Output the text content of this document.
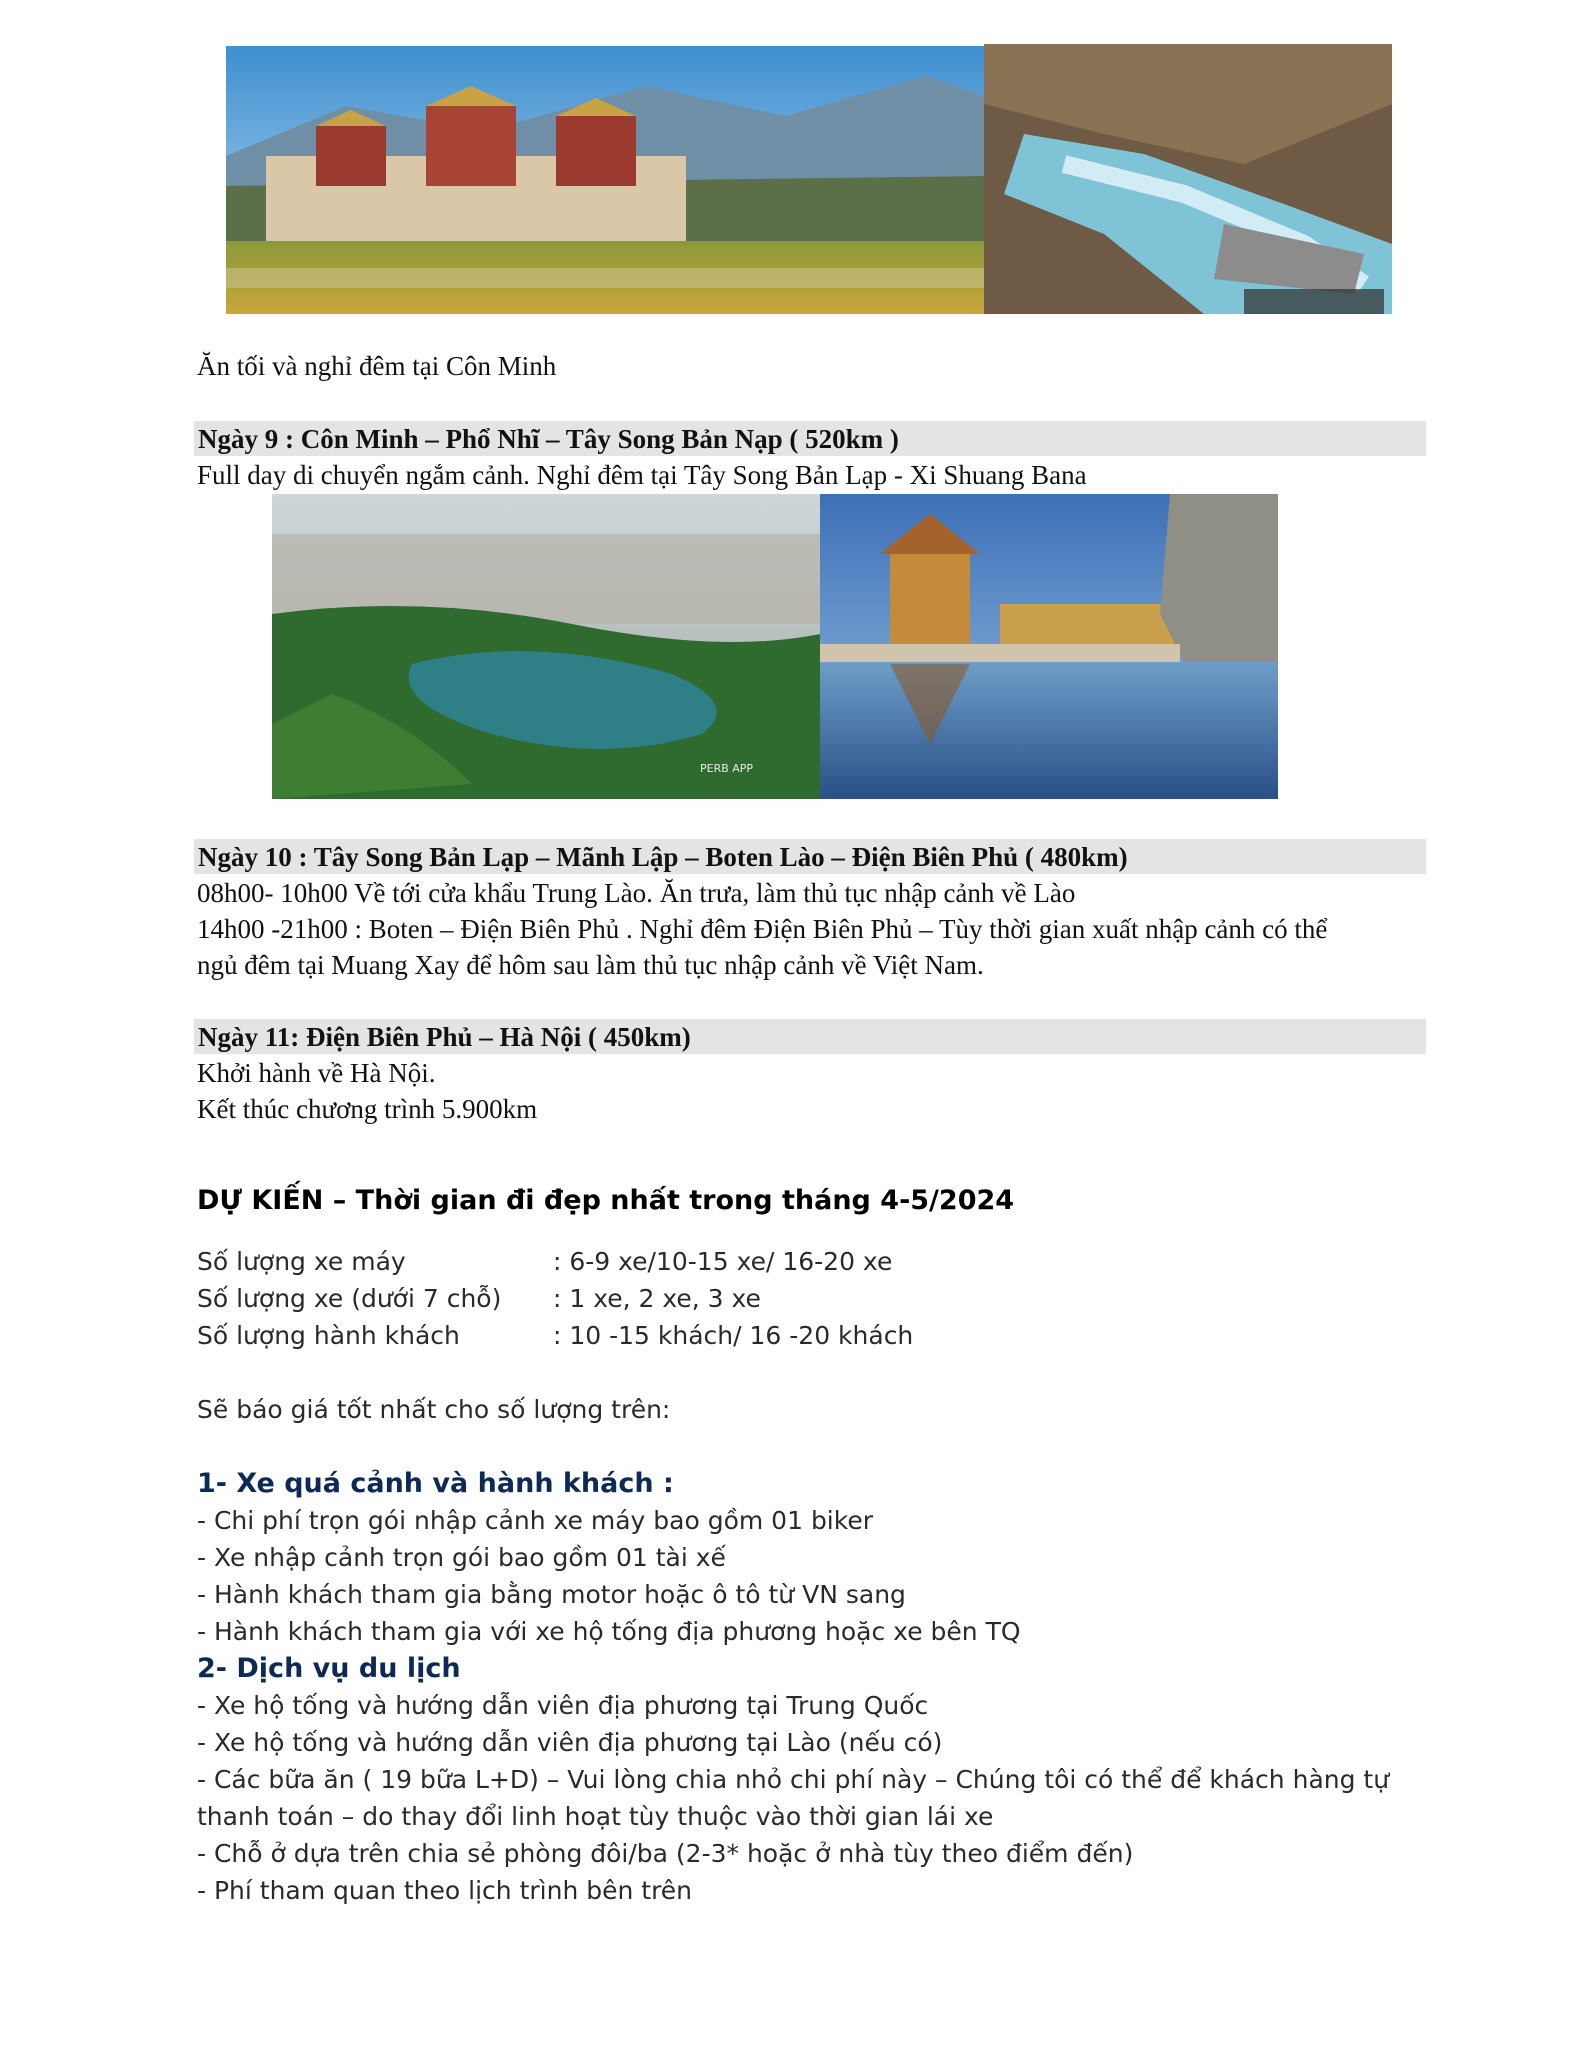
Ăn tối và nghỉ đêm tại Côn Minh
Ngày 9 : Côn Minh – Phổ Nhĩ – Tây Song Bản Nạp ( 520km )
Full day di chuyển ngắm cảnh. Nghỉ đêm tại Tây Song Bản Lạp - Xi Shuang Bana
PERB APP
Ngày 10 : Tây Song Bản Lạp – Mãnh Lập – Boten Lào – Điện Biên Phủ ( 480km)
08h00- 10h00 Về tới cửa khẩu Trung Lào. Ăn trưa, làm thủ tục nhập cảnh về Lào
14h00 -21h00 : Boten – Điện Biên Phủ . Nghỉ đêm Điện Biên Phủ – Tùy thời gian xuất nhập cảnh có thể
ngủ đêm tại Muang Xay để hôm sau làm thủ tục nhập cảnh về Việt Nam.
Ngày 11: Điện Biên Phủ – Hà Nội ( 450km)
Khởi hành về Hà Nội.
Kết thúc chương trình 5.900km
DỰ KIẾN – Thời gian đi đẹp nhất trong tháng 4-5/2024
Số lượng xe máy	: 6-9 xe/10-15 xe/ 16-20 xe
Số lượng xe (dưới 7 chỗ) : 1 xe, 2 xe, 3 xe
Số lượng hành khách	: 10 -15 khách/ 16 -20 khách
Sẽ báo giá tốt nhất cho số lượng trên:
1- Xe quá cảnh và hành khách :
- Chi phí trọn gói nhập cảnh xe máy bao gồm 01 biker
- Xe nhập cảnh trọn gói bao gồm 01 tài xế
- Hành khách tham gia bằng motor hoặc ô tô từ VN sang
- Hành khách tham gia với xe hộ tống địa phương hoặc xe bên TQ
2- Dịch vụ du lịch
- Xe hộ tống và hướng dẫn viên địa phương tại Trung Quốc
- Xe hộ tống và hướng dẫn viên địa phương tại Lào (nếu có)
- Các bữa ăn ( 19 bữa L+D) – Vui lòng chia nhỏ chi phí này – Chúng tôi có thể để khách hàng tự
thanh toán – do thay đổi linh hoạt tùy thuộc vào thời gian lái xe
- Chỗ ở dựa trên chia sẻ phòng đôi/ba (2-3* hoặc ở nhà tùy theo điểm đến)
- Phí tham quan theo lịch trình bên trên
